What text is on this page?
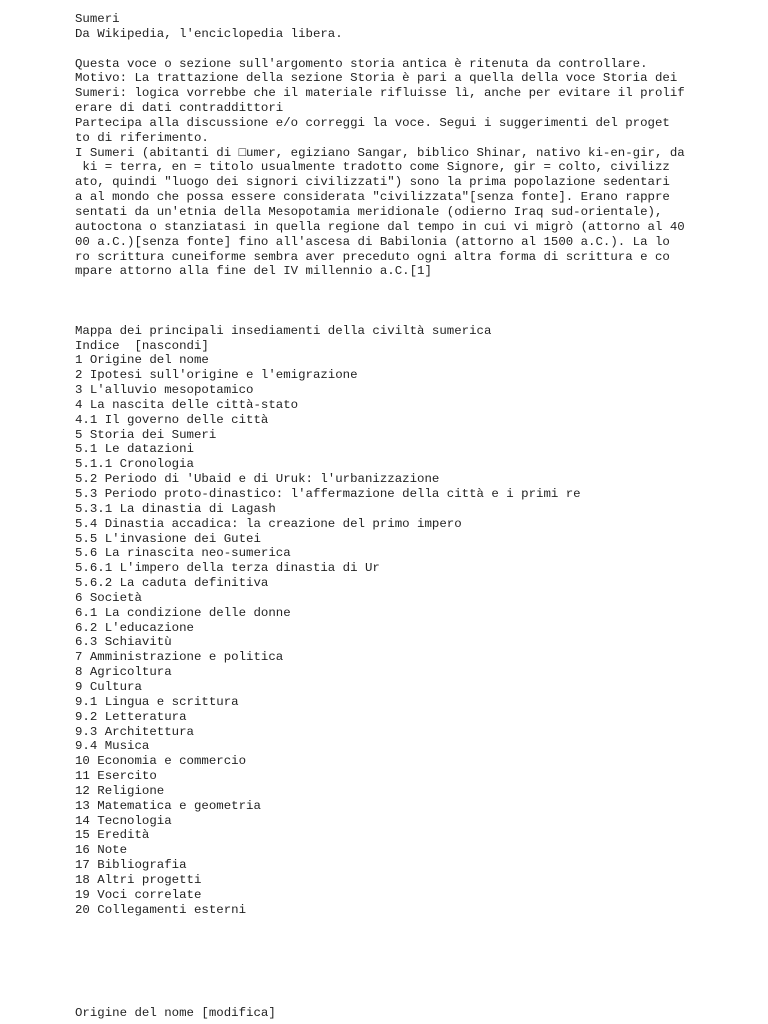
Sumeri
Da Wikipedia, l'enciclopedia libera.
Questa voce o sezione sull'argomento storia antica è ritenuta da controllare.
Motivo: La trattazione della sezione Storia è pari a quella della voce Storia dei
Sumeri: logica vorrebbe che il materiale rifluisse lì, anche per evitare il prolif
erare di dati contraddittori
Partecipa alla discussione e/o correggi la voce. Segui i suggerimenti del proget
to di riferimento.
I Sumeri (abitanti di □umer, egiziano Sangar, biblico Shinar, nativo ki-en-gir, da
ki = terra, en = titolo usualmente tradotto come Signore, gir = colto, civilizz
ato, quindi "luogo dei signori civilizzati") sono la prima popolazione sedentari
a al mondo che possa essere considerata "civilizzata"[senza fonte]. Erano rappre
sentati da un'etnia della Mesopotamia meridionale (odierno Iraq sud-orientale),
autoctona o stanziatasi in quella regione dal tempo in cui vi migrò (attorno al 40
00 a.C.)[senza fonte] fino all'ascesa di Babilonia (attorno al 1500 a.C.). La lo
ro scrittura cuneiforme sembra aver preceduto ogni altra forma di scrittura e co
mpare attorno alla fine del IV millennio a.C.[1]
Mappa dei principali insediamenti della civiltà sumerica
Indice [nascondi]
1 Origine del nome
2 Ipotesi sull'origine e l'emigrazione
3 L'alluvio mesopotamico
4 La nascita delle città-stato
4.1 Il governo delle città
5 Storia dei Sumeri
5.1 Le datazioni
5.1.1 Cronologia
5.2 Periodo di 'Ubaid e di Uruk: l'urbanizzazione
5.3 Periodo proto-dinastico: l'affermazione della città e i primi re
5.3.1 La dinastia di Lagash
5.4 Dinastia accadica: la creazione del primo impero
5.5 L'invasione dei Gutei
5.6 La rinascita neo-sumerica
5.6.1 L'impero della terza dinastia di Ur
5.6.2 La caduta definitiva
6 Società
6.1 La condizione delle donne
6.2 L'educazione
6.3 Schiavitù
7 Amministrazione e politica
8 Agricoltura
9 Cultura
9.1 Lingua e scrittura
9.2 Letteratura
9.3 Architettura
9.4 Musica
10 Economia e commercio
11 Esercito
12 Religione
13 Matematica e geometria
14 Tecnologia
15 Eredità
16 Note
17 Bibliografia
18 Altri progetti
19 Voci correlate
20 Collegamenti esterni
Origine del nome [modifica]
